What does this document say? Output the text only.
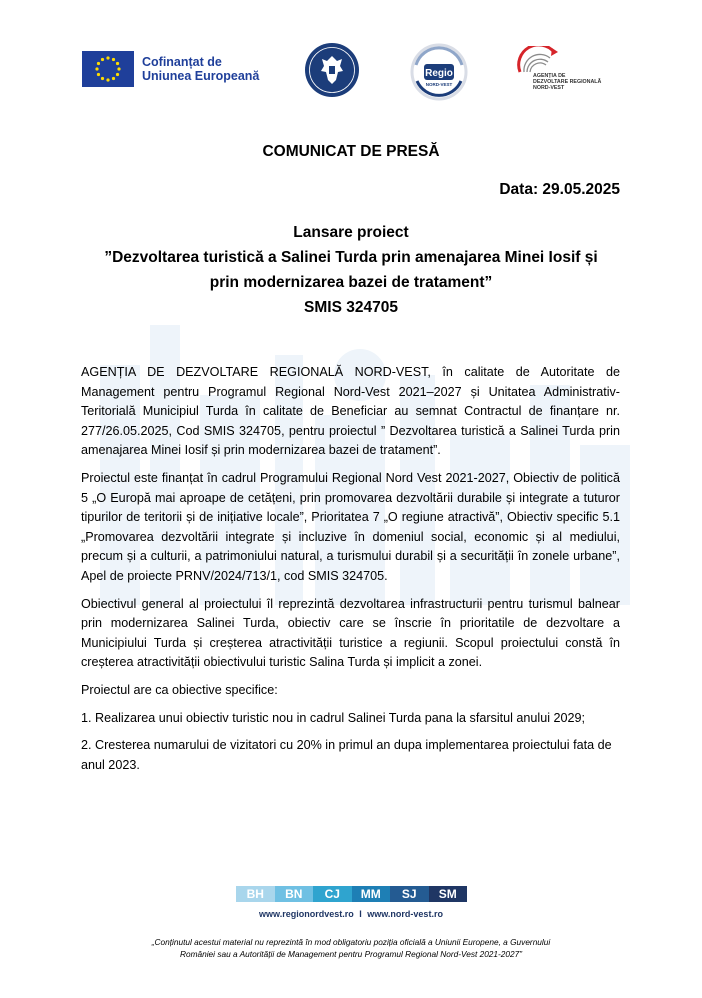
Cofinanțat de
Uniunea Europeană	Regio
NORD-VEST
AGENȚIA DE
DEZVOLTARE REGIONALĂ
NORD-VEST
COMUNICAT DE PRESĂ
Data: 29.05.2025
Lansare proiect
”Dezvoltarea turistică a Salinei Turda prin amenajarea Minei Iosif și
prin modernizarea bazei de tratament”
SMIS 324705

AGENȚIA DE DEZVOLTARE REGIONALĂ NORD-VEST, în calitate de Autoritate de Management pentru Programul Regional Nord-Vest 2021–2027 și Unitatea Administrativ-Teritorială Municipiul Turda în calitate de Beneficiar au semnat Contractul de finanțare nr. 277/26.05.2025, Cod SMIS 324705, pentru proiectul ” Dezvoltarea turistică a Salinei Turda prin amenajarea Minei Iosif și prin modernizarea bazei de tratament”.

Proiectul este finanțat în cadrul Programului Regional Nord Vest 2021-2027, Obiectiv de politică 5 „O Europă mai aproape de cetățeni, prin promovarea dezvoltării durabile și integrate a tuturor tipurilor de teritorii și de inițiative locale”, Prioritatea 7 „O regiune atractivă”, Obiectiv specific 5.1 „Promovarea dezvoltării integrate și incluzive în domeniul social, economic și al mediului, precum și a culturii, a patrimoniului natural, a turismului durabil și a securității în zonele urbane”, Apel de proiecte PRNV/2024/713/1, cod SMIS 324705.

Obiectivul general al proiectului îl reprezintă dezvoltarea infrastructurii pentru turismul balnear prin modernizarea Salinei Turda, obiectiv care se înscrie în prioritatile de dezvoltare a Municipiului Turda și creșterea atractivității turistice a regiunii. Scopul proiectului constă în creșterea atractivității obiectivului turistic Salina Turda și implicit a zonei.

Proiectul are ca obiective specifice:

1. Realizarea unui obiectiv turistic nou in cadrul Salinei Turda pana la sfarsitul anului 2029;

2. Cresterea numarului de vizitatori cu 20% in primul an dupa implementarea proiectului fata de anul 2023.

BH	BN	CJ	MM	SJ	SM
www.regionordvest.ro I www.nord-vest.ro
„Conținutul acestui material nu reprezintă în mod obligatoriu poziția oficială a Uniunii Europene, a Guvernului
României sau a Autorității de Management pentru Programul Regional Nord-Vest 2021-2027”
